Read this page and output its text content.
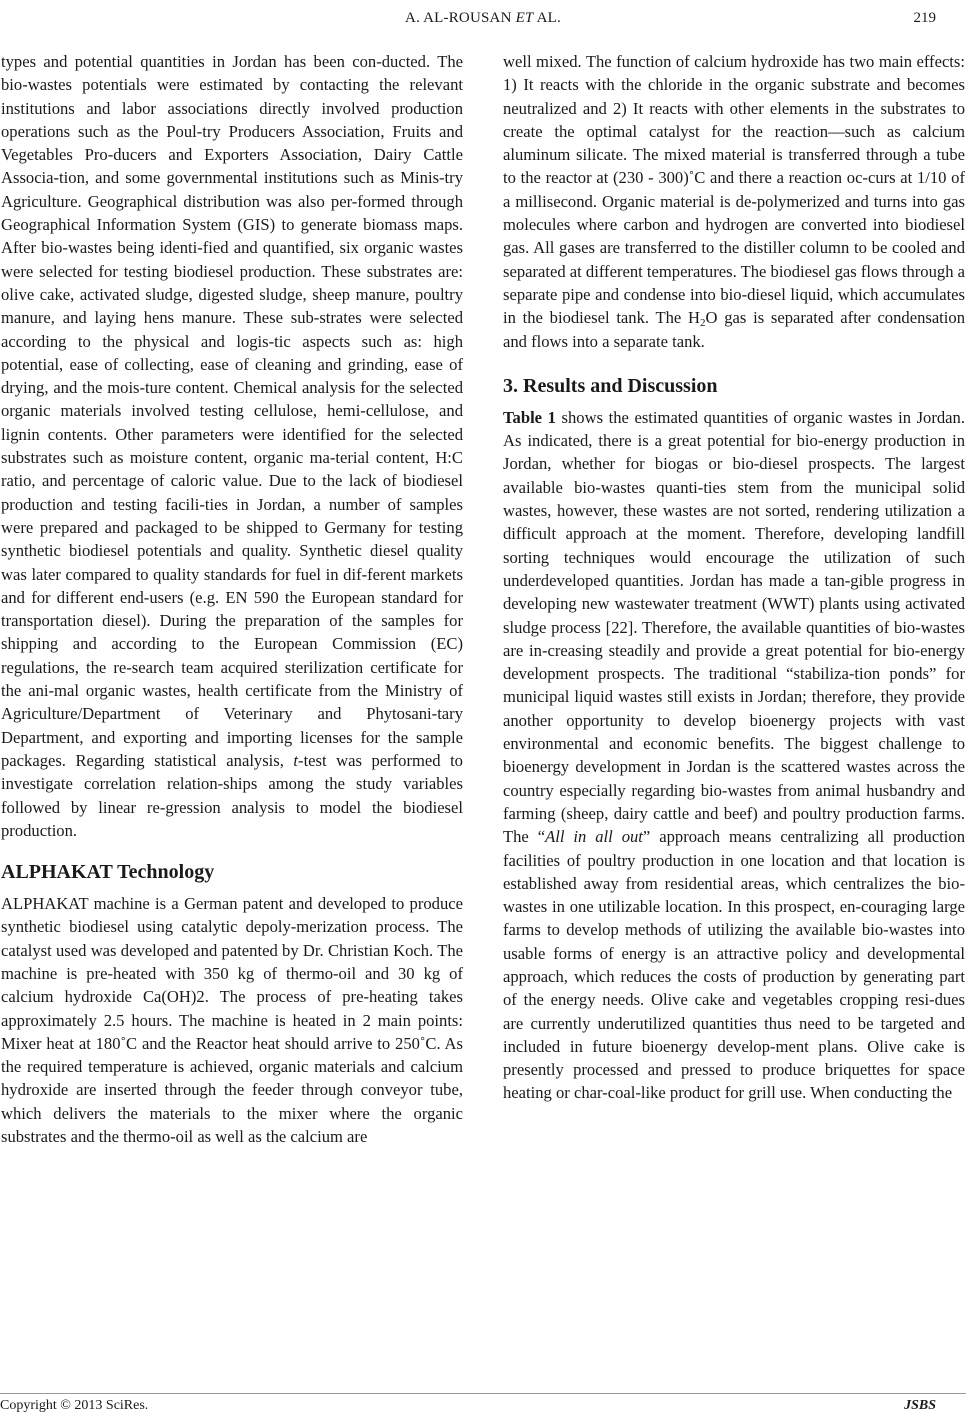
A. AL-ROUSAN ET AL.	219

types and potential quantities in Jordan has been con-ducted. The bio-wastes potentials were estimated by contacting the relevant institutions and labor associations directly involved production operations such as the Poul-try Producers Association, Fruits and Vegetables Pro-ducers and Exporters Association, Dairy Cattle Associa-tion, and some governmental institutions such as Minis-try Agriculture. Geographical distribution was also per-formed through Geographical Information System (GIS) to generate biomass maps. After bio-wastes being identi-fied and quantified, six organic wastes were selected for testing biodiesel production. These substrates are: olive cake, activated sludge, digested sludge, sheep manure, poultry manure, and laying hens manure. These sub-strates were selected according to the physical and logis-tic aspects such as: high potential, ease of collecting, ease of cleaning and grinding, ease of drying, and the mois-ture content. Chemical analysis for the selected organic materials involved testing cellulose, hemi-cellulose, and lignin contents. Other parameters were identified for the selected substrates such as moisture content, organic ma-terial content, H:C ratio, and percentage of caloric value. Due to the lack of biodiesel production and testing facili-ties in Jordan, a number of samples were prepared and packaged to be shipped to Germany for testing synthetic biodiesel potentials and quality. Synthetic diesel quality was later compared to quality standards for fuel in dif-ferent markets and for different end-users (e.g. EN 590 the European standard for transportation diesel). During the preparation of the samples for shipping and according to the European Commission (EC) regulations, the re-search team acquired sterilization certificate for the ani-mal organic wastes, health certificate from the Ministry of Agriculture/Department of Veterinary and Phytosani-tary Department, and exporting and importing licenses for the sample packages. Regarding statistical analysis, t-test was performed to investigate correlation relation-ships among the study variables followed by linear re-gression analysis to model the biodiesel production.

ALPHAKAT Technology

ALPHAKAT machine is a German patent and developed to produce synthetic biodiesel using catalytic depoly-merization process. The catalyst used was developed and patented by Dr. Christian Koch. The machine is pre-heated with 350 kg of thermo-oil and 30 kg of calcium hydroxide Ca(OH)2. The process of pre-heating takes approximately 2.5 hours. The machine is heated in 2 main points: Mixer heat at 180˚C and the Reactor heat should arrive to 250˚C. As the required temperature is achieved, organic materials and calcium hydroxide are inserted through the feeder through conveyor tube, which delivers the materials to the mixer where the organic substrates and the thermo-oil as well as the calcium are

well mixed. The function of calcium hydroxide has two main effects: 1) It reacts with the chloride in the organic substrate and becomes neutralized and 2) It reacts with other elements in the substrates to create the optimal catalyst for the reaction—such as calcium aluminum silicate. The mixed material is transferred through a tube to the reactor at (230 - 300)˚C and there a reaction oc-curs at 1/10 of a millisecond. Organic material is de-polymerized and turns into gas molecules where carbon and hydrogen are converted into biodiesel gas. All gases are transferred to the distiller column to be cooled and separated at different temperatures. The biodiesel gas flows through a separate pipe and condense into bio-diesel liquid, which accumulates in the biodiesel tank. The $H_2O$ gas is separated after condensation and flows into a separate tank.

3. Results and Discussion

Table 1 shows the estimated quantities of organic wastes in Jordan. As indicated, there is a great potential for bio-energy production in Jordan, whether for biogas or bio-diesel prospects. The largest available bio-wastes quanti-ties stem from the municipal solid wastes, however, these wastes are not sorted, rendering utilization a difficult approach at the moment. Therefore, developing landfill sorting techniques would encourage the utilization of such underdeveloped quantities. Jordan has made a tan-gible progress in developing new wastewater treatment (WWT) plants using activated sludge process [22]. Therefore, the available quantities of bio-wastes are in-creasing steadily and provide a great potential for bio-energy development prospects. The traditional “stabiliza-tion ponds” for municipal liquid wastes still exists in Jordan; therefore, they provide another opportunity to develop bioenergy projects with vast environmental and economic benefits. The biggest challenge to bioenergy development in Jordan is the scattered wastes across the country especially regarding bio-wastes from animal husbandry and farming (sheep, dairy cattle and beef) and poultry production farms. The “All in all out” approach means centralizing all production facilities of poultry production in one location and that location is established away from residential areas, which centralizes the bio-wastes in one utilizable location. In this prospect, en-couraging large farms to develop methods of utilizing the available bio-wastes into usable forms of energy is an attractive policy and developmental approach, which reduces the costs of production by generating part of the energy needs. Olive cake and vegetables cropping resi-dues are currently underutilized quantities thus need to be targeted and included in future bioenergy develop-ment plans. Olive cake is presently processed and pressed to produce briquettes for space heating or char-coal-like product for grill use. When conducting the

Copyright © 2013 SciRes.	JSBS
